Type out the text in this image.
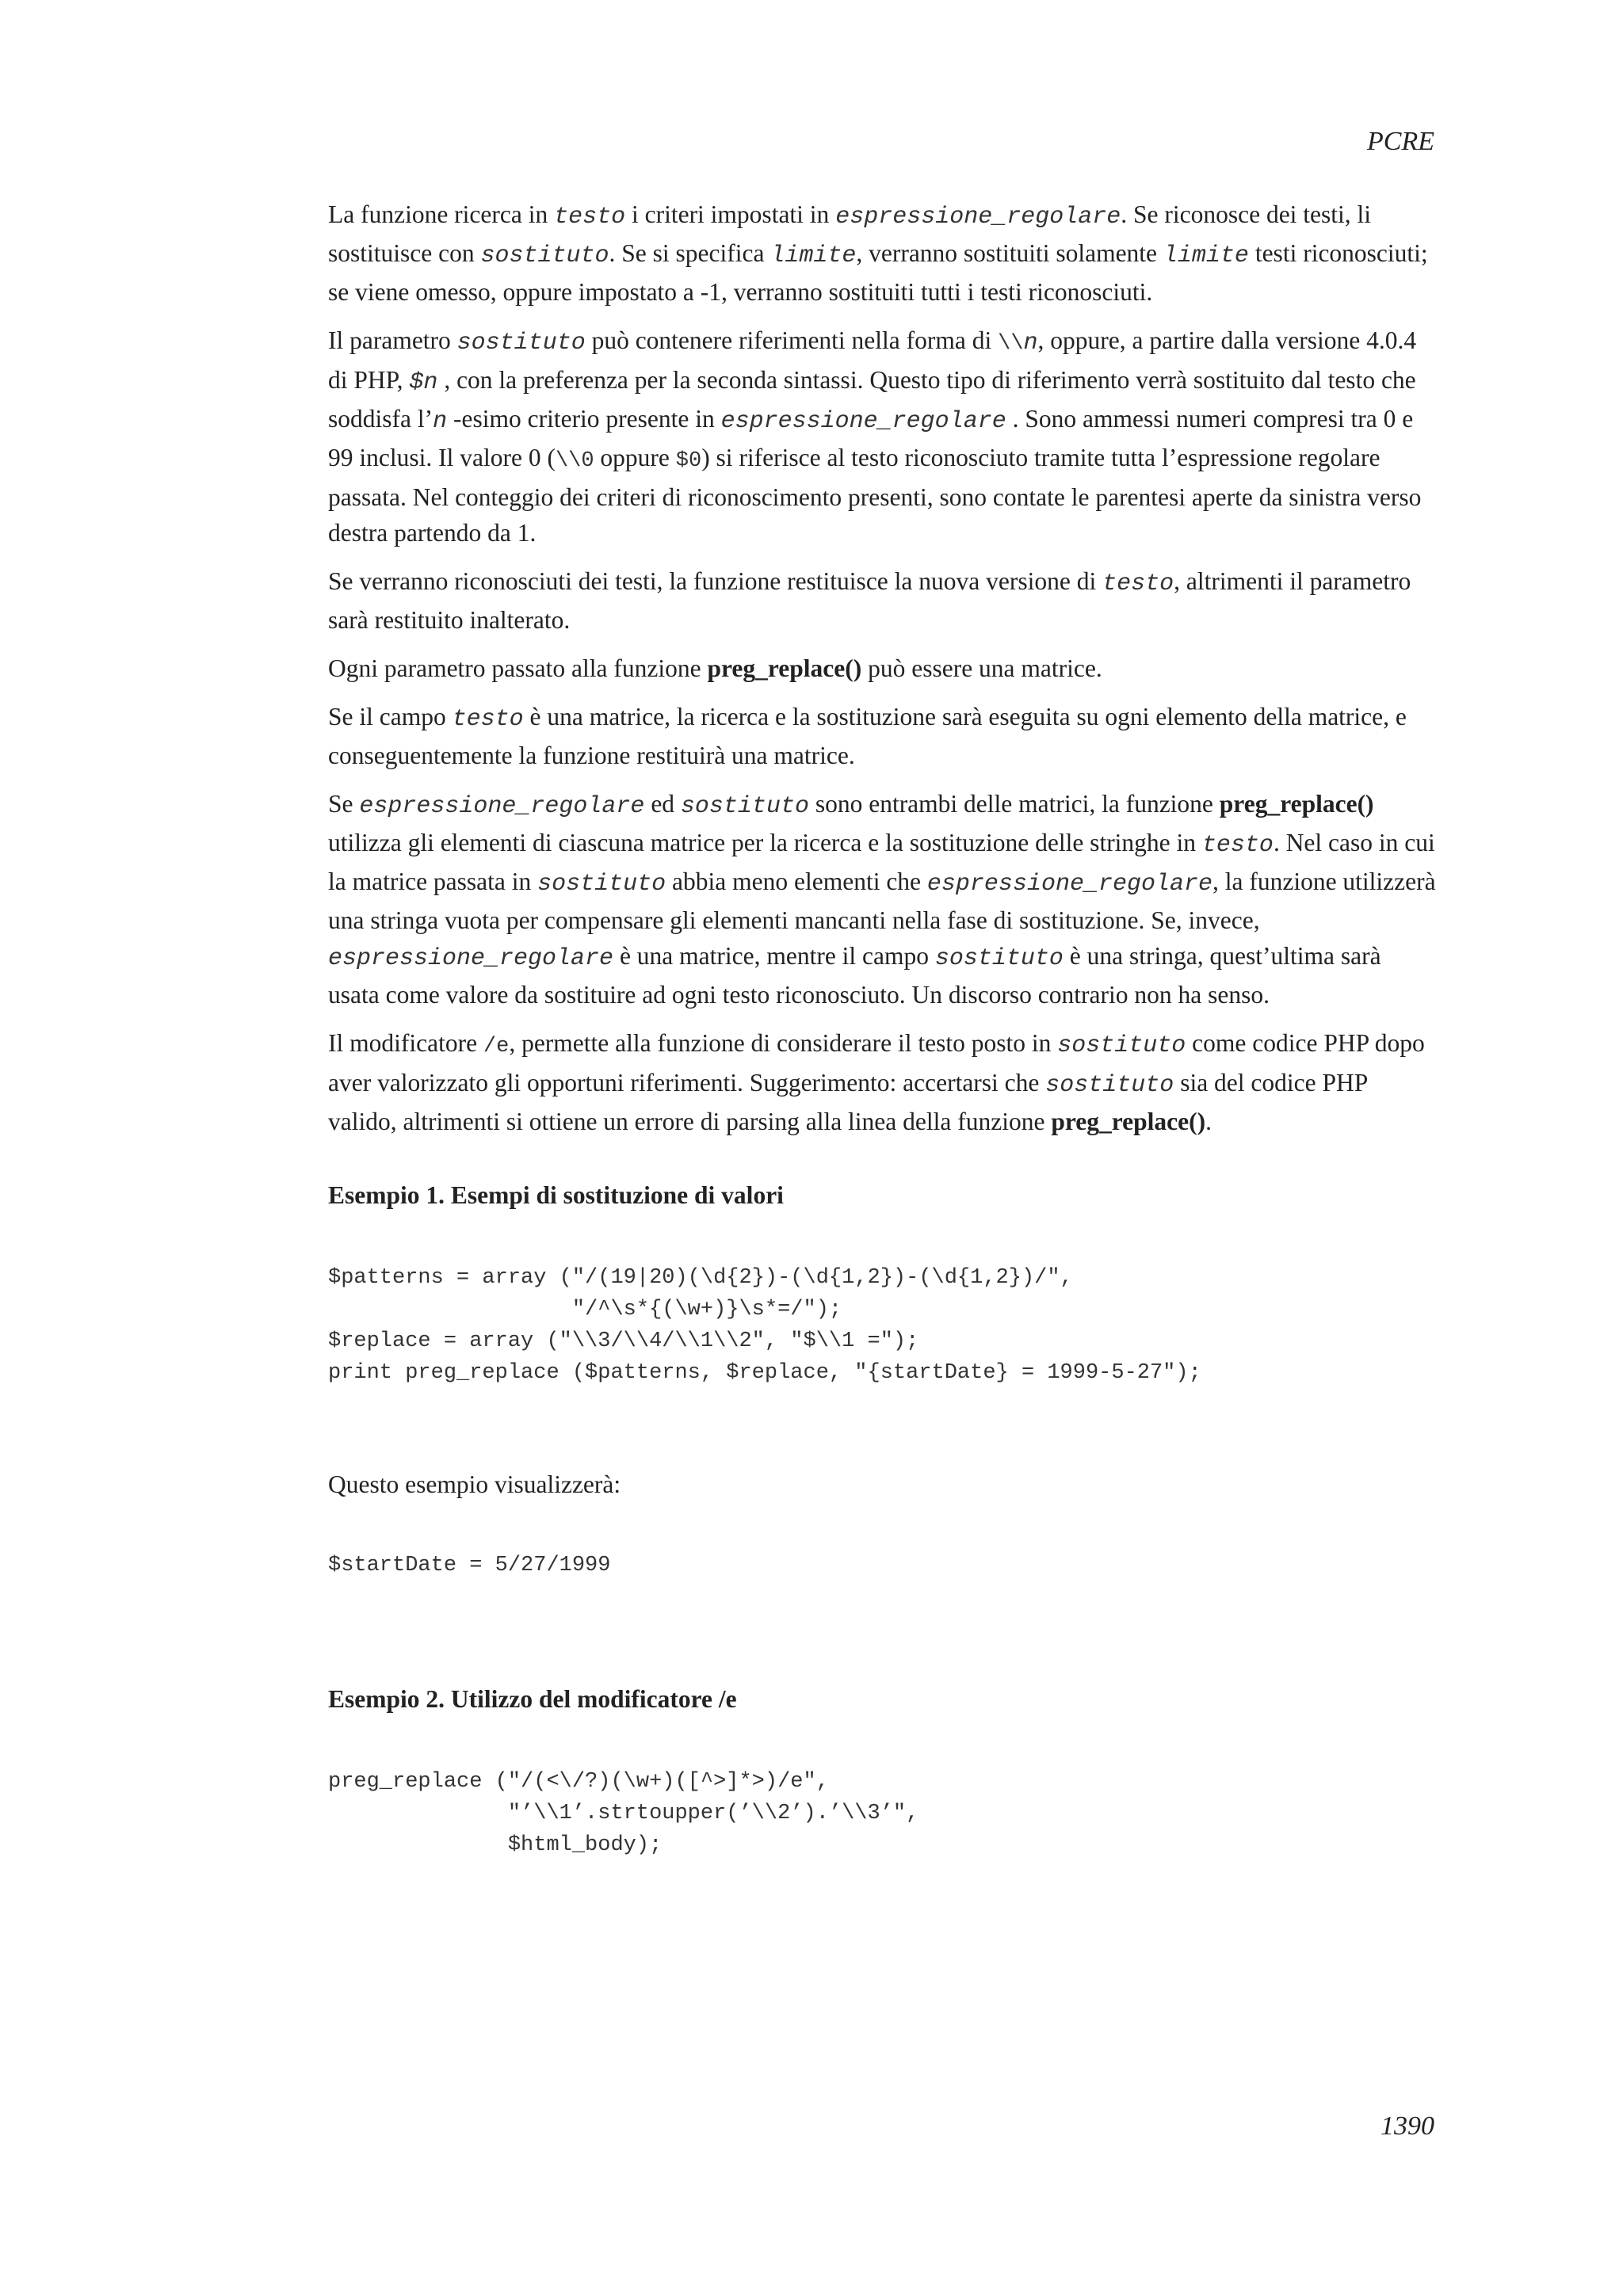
PCRE

La funzione ricerca in testo i criteri impostati in espressione_regolare. Se riconosce dei testi, li sostituisce con sostituto. Se si specifica limite, verranno sostituiti solamente limite testi riconosciuti; se viene omesso, oppure impostato a -1, verranno sostituiti tutti i testi riconosciuti.

Il parametro sostituto può contenere riferimenti nella forma di \\n, oppure, a partire dalla versione 4.0.4 di PHP, $n , con la preferenza per la seconda sintassi. Questo tipo di riferimento verrà sostituito dal testo che soddisfa l’n -esimo criterio presente in espressione_regolare . Sono ammessi numeri compresi tra 0 e 99 inclusi. Il valore 0 (\\0 oppure $0) si riferisce al testo riconosciuto tramite tutta l’espressione regolare passata. Nel conteggio dei criteri di riconoscimento presenti, sono contate le parentesi aperte da sinistra verso destra partendo da 1.

Se verranno riconosciuti dei testi, la funzione restituisce la nuova versione di testo, altrimenti il parametro sarà restituito inalterato.

Ogni parametro passato alla funzione preg_replace() può essere una matrice.

Se il campo testo è una matrice, la ricerca e la sostituzione sarà eseguita su ogni elemento della matrice, e conseguentemente la funzione restituirà una matrice.

Se espressione_regolare ed sostituto sono entrambi delle matrici, la funzione preg_replace() utilizza gli elementi di ciascuna matrice per la ricerca e la sostituzione delle stringhe in testo. Nel caso in cui la matrice passata in sostituto abbia meno elementi che espressione_regolare, la funzione utilizzerà una stringa vuota per compensare gli elementi mancanti nella fase di sostituzione. Se, invece, espressione_regolare è una matrice, mentre il campo sostituto è una stringa, quest’ultima sarà usata come valore da sostituire ad ogni testo riconosciuto. Un discorso contrario non ha senso.

Il modificatore /e, permette alla funzione di considerare il testo posto in sostituto come codice PHP dopo aver valorizzato gli opportuni riferimenti. Suggerimento: accertarsi che sostituto sia del codice PHP valido, altrimenti si ottiene un errore di parsing alla linea della funzione preg_replace().

Esempio 1. Esempi di sostituzione di valori
$patterns = array ("/(19|20)(\d{2})-(\d{1,2})-(\d{1,2})/",
"/^\s*{(\w+)}\s*=/");
$replace = array ("\\3/\\4/\\1\\2", "$\\1 =");
print preg_replace ($patterns, $replace, "{startDate} = 1999-5-27");

Questo esempio visualizzerà:

$startDate = 5/27/1999
Esempio 2. Utilizzo del modificatore /e
preg_replace ("/(<\/?)(\w+)([^>]*>)/e",
"’\\1’.strtoupper(’\\2’).’\\3’",
$html_body);
1390
